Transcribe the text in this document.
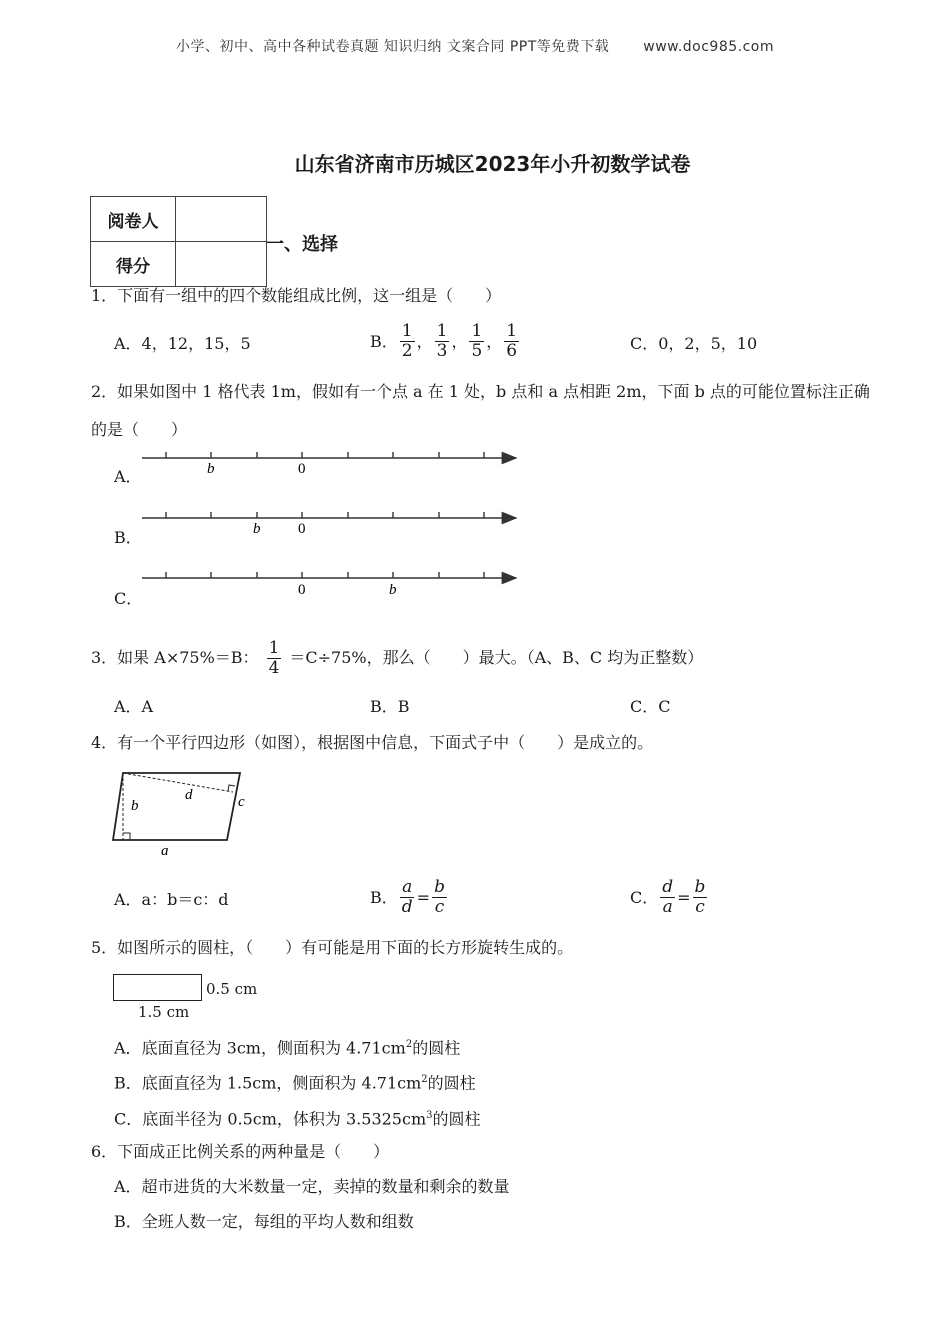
小学、初中、高中各种试卷真题 知识归纳 文案合同 PPT等免费下载 www.doc985.com
山东省济南市历城区2023年小升初数学试卷
阅卷人	
得分	
一、选择
1．下面有一组中的四个数能组成比例，这一组是（　　）
A．4，12，15，5	B． $\frac{1}{2}$ ， $\frac{1}{3}$ ， $\frac{1}{5}$ ， $\frac{1}{6}$	C．0，2，5，10
2．如果如图中 1 格代表 1m，假如有一个点 a 在 1 处，b 点和 a 点相距 2m，下面 b 点的可能位置标注正确
的是（　　）
A．
B．
C．
b	0
b	0
0	b
3．如果 A×75%＝B： $\frac{1}{4} =C\div 75\%$，那么（　　）最大。（A、B、C 均为正整数）
A．A	B．B	C．C
4．有一个平行四边形（如图），根据图中信息，下面式子中（　　）是成立的。
b
d	c
a
A．a：b＝c：d	B． $\frac{a}{d} = \frac{b}{c}$	C． $\frac{d}{a} = \frac{b}{c}$
5．如图所示的圆柱，（　　）有可能是用下面的长方形旋转生成的。
0.5 cm
1.5 cm
A．底面直径为 3cm，侧面积为 $4.71cm^2$的圆柱
B．底面直径为 1.5cm，侧面积为 $4.71cm^2$的圆柱
C．底面半径为 0.5cm，体积为 $3.5325cm^3$的圆柱
6．下面成正比例关系的两种量是（　　）
A．超市进货的大米数量一定，卖掉的数量和剩余的数量
B．全班人数一定，每组的平均人数和组数
